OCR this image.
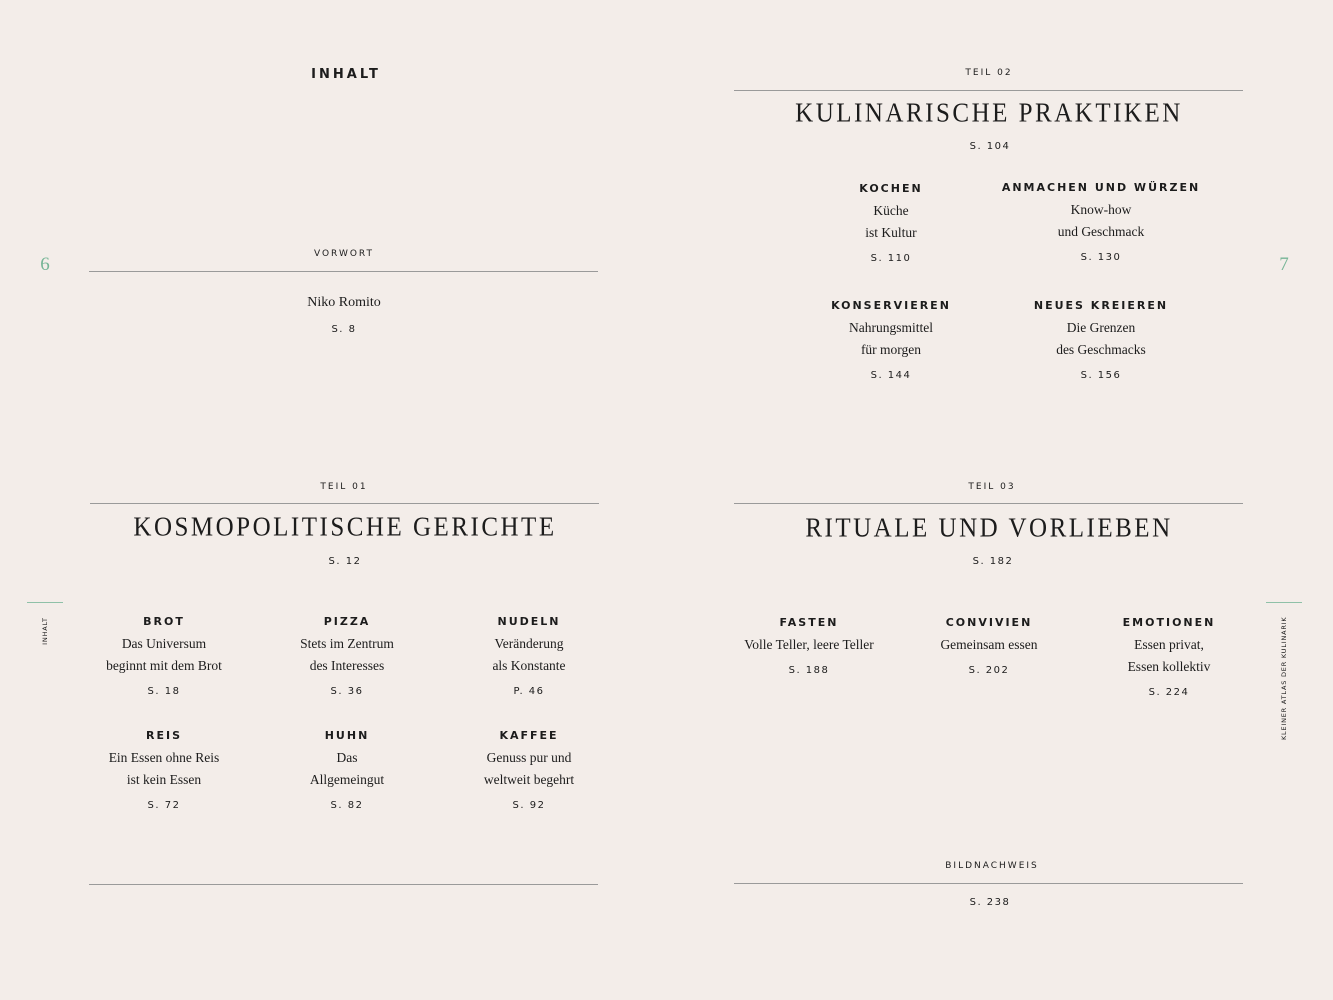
INHALT
6
INHALT
VORWORT
Niko Romito
S. 8
TEIL 01
KOSMOPOLITISCHE GERICHTE
S. 12
BROT
Das Universum
beginnt mit dem Brot
S. 18
PIZZA
Stets im Zentrum
des Interesses
S. 36
NUDELN
Veränderung
als Konstante
P. 46
REIS
Ein Essen ohne Reis
ist kein Essen
S. 72
HUHN
Das
Allgemeingut
S. 82
KAFFEE
Genuss pur und
weltweit begehrt
S. 92
7
KLEINER ATLAS DER KULINARIK
TEIL 02
KULINARISCHE PRAKTIKEN
S. 104
KOCHEN
Küche
ist Kultur
S. 110
ANMACHEN UND WÜRZEN
Know-how
und Geschmack
S. 130
KONSERVIEREN
Nahrungsmittel
für morgen
S. 144
NEUES KREIEREN
Die Grenzen
des Geschmacks
S. 156
TEIL 03
RITUALE UND VORLIEBEN
S. 182
FASTEN
Volle Teller, leere Teller
S. 188
CONVIVIEN
Gemeinsam essen
S. 202
EMOTIONEN
Essen privat,
Essen kollektiv
S. 224
BILDNACHWEIS
S. 238
